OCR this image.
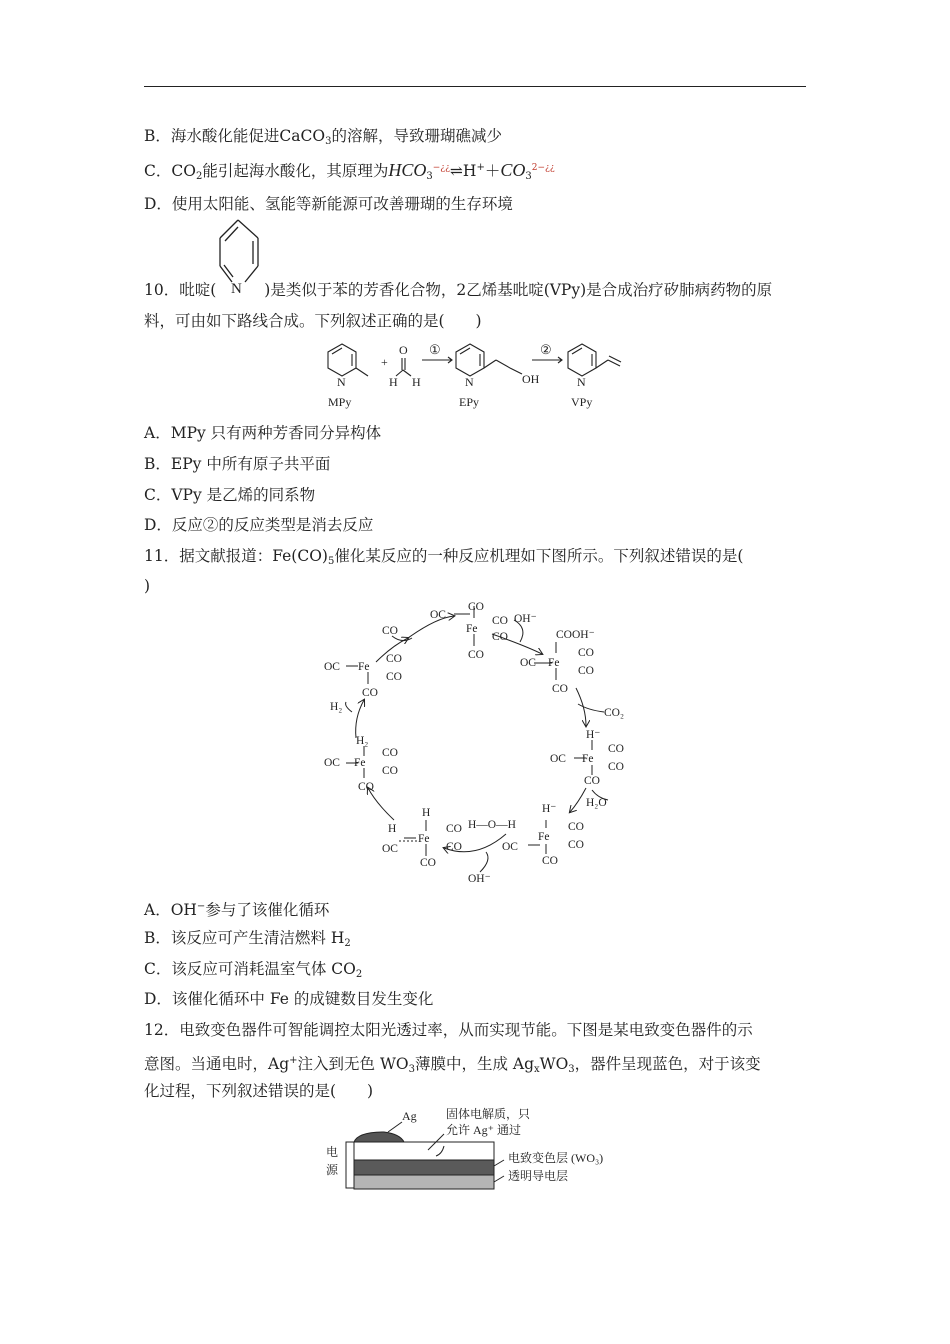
B．海水酸化能促进CaCO$_3$的溶解，导致珊瑚礁减少
C．$CO_2$能引起海水酸化，其原理为$HCO_3^{-¿¿}\rightleftharpoons H^++CO_3^{2-¿¿}$
D．使用太阳能、氢能等新能源可改善珊瑚的生存环境
N
10．吡啶(	)是类似于苯的芳香化合物，2乙烯基吡啶(VPy)是合成治疗矽肺病药物的原
料，可由如下路线合成。下列叙述正确的是(　　)
N
+
O
H H
①
N	OH
②
N
MPy	EPy	VPy
A．MPy 只有两种芳香同分异构体
B．EPy 中所有原子共平面
C．VPy 是乙烯的同系物
D．反应②的反应类型是消去反应
11．据文献报道：$Fe(CO)_5$催化某反应的一种反应机理如下图所示。下列叙述错误的是(
)
CO
OC
Fe
CO
CO
CO
OH⁻
CO	COOH⁻
OC Fe
CO
CO
CO
CO₂
OC Fe
CO
CO
CO
H₂
H₂
OC Fe
CO
CO
CO
H⁻
OC Fe
CO
CO
CO
H₂O
H
H
OC
Fe
CO
CO
CO
H—O—H
H⁻
OC
Fe
CO
CO
CO
OH⁻
A．OH−参与了该催化循环
B．该反应可产生清洁燃料 $H_2$
C．该反应可消耗温室气体 $CO_2$
D．该催化循环中 Fe 的成键数目发生变化
12．电致变色器件可智能调控太阳光透过率，从而实现节能。下图是某电致变色器件的示
意图。当通电时，Ag+注入到无色 $WO_3$薄膜中，生成 $Ag_xWO_3$，器件呈现蓝色，对于该变
化过程，下列叙述错误的是(　　)
Ag 固体电解质，只
允许 Ag⁺ 通过
电致变色层 (WO₃)
透明导电层
电
源
